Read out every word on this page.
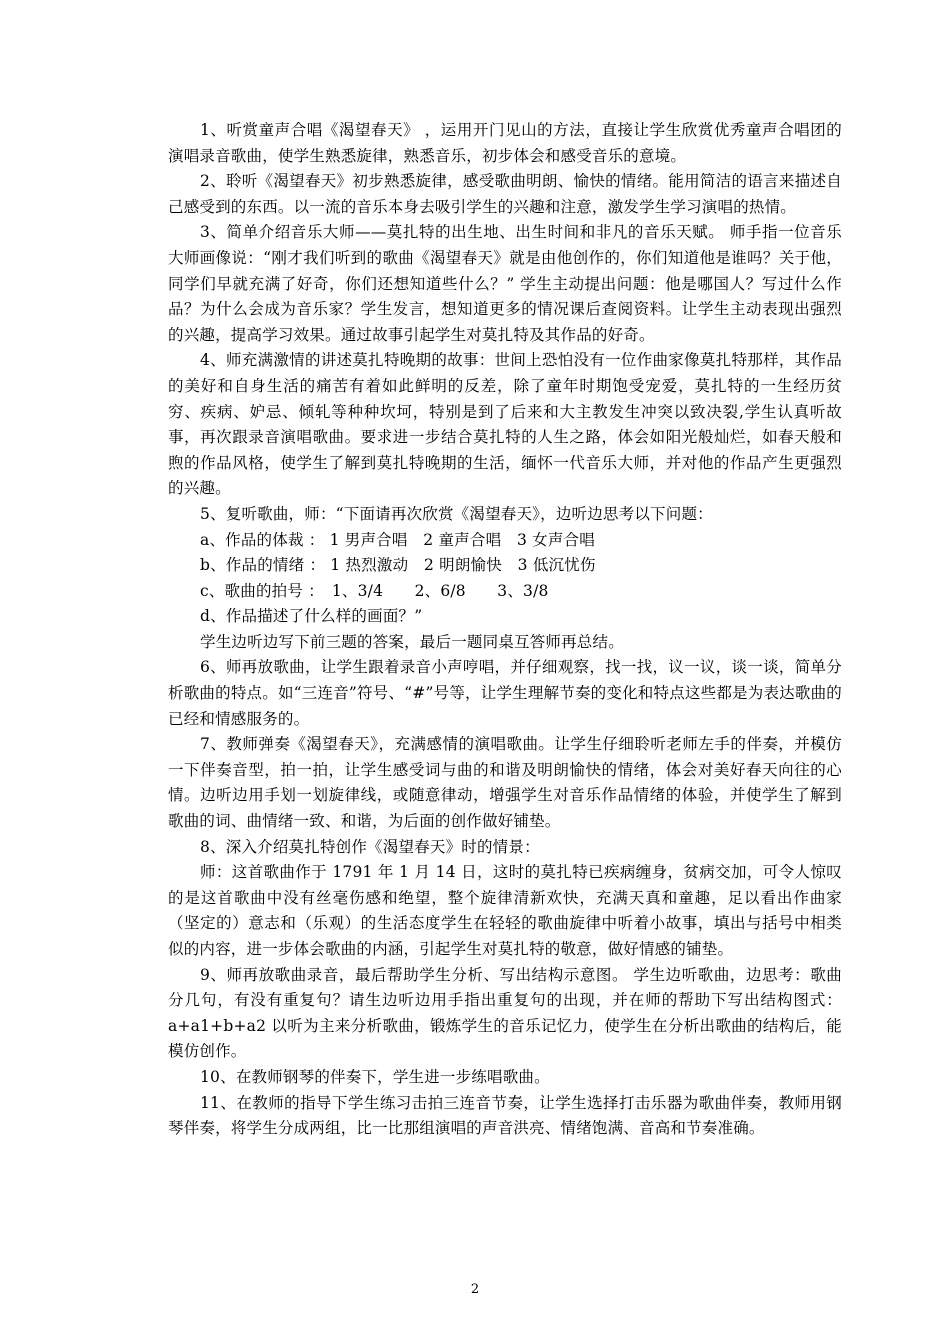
1、听赏童声合唱《渴望春天》 ，运用开门见山的方法，直接让学生欣赏优秀童声合唱团的演唱录音歌曲，使学生熟悉旋律，熟悉音乐，初步体会和感受音乐的意境。

2、聆听《渴望春天》初步熟悉旋律，感受歌曲明朗、愉快的情绪。能用简洁的语言来描述自己感受到的东西。以一流的音乐本身去吸引学生的兴趣和注意，激发学生学习演唱的热情。

3、简单介绍音乐大师——莫扎特的出生地、出生时间和非凡的音乐天赋。 师手指一位音乐大师画像说：“刚才我们听到的歌曲《渴望春天》就是由他创作的，你们知道他是谁吗？关于他，同学们早就充满了好奇，你们还想知道些什么？” 学生主动提出问题：他是哪国人？写过什么作品？为什么会成为音乐家？学生发言，想知道更多的情况课后查阅资料。让学生主动表现出强烈的兴趣，提高学习效果。通过故事引起学生对莫扎特及其作品的好奇。

4、师充满激情的讲述莫扎特晚期的故事：世间上恐怕没有一位作曲家像莫扎特那样，其作品的美好和自身生活的痛苦有着如此鲜明的反差，除了童年时期饱受宠爱，莫扎特的一生经历贫穷、疾病、妒忌、倾轧等种种坎坷，特别是到了后来和大主教发生冲突以致决裂,学生认真听故事，再次跟录音演唱歌曲。要求进一步结合莫扎特的人生之路，体会如阳光般灿烂，如春天般和煦的作品风格，使学生了解到莫扎特晚期的生活，缅怀一代音乐大师，并对他的作品产生更强烈的兴趣。

5、复听歌曲，师：“下面请再次欣赏《渴望春天》，边听边思考以下问题：

a、作品的体裁 ： 1 男声合唱　2 童声合唱　3 女声合唱

b、作品的情绪 ： 1 热烈激动　2 明朗愉快　3 低沉忧伤

c、歌曲的拍号 ：　1、3/4　　2、6/8　　3、3/8

d、作品描述了什么样的画面？”

学生边听边写下前三题的答案，最后一题同桌互答师再总结。

6、师再放歌曲，让学生跟着录音小声哼唱，并仔细观察，找一找，议一议，谈一谈，简单分析歌曲的特点。如“三连音”符号、“#”号等，让学生理解节奏的变化和特点这些都是为表达歌曲的已经和情感服务的。

7、教师弹奏《渴望春天》，充满感情的演唱歌曲。让学生仔细聆听老师左手的伴奏，并模仿一下伴奏音型，拍一拍，让学生感受词与曲的和谐及明朗愉快的情绪，体会对美好春天向往的心情。边听边用手划一划旋律线，或随意律动，增强学生对音乐作品情绪的体验，并使学生了解到歌曲的词、曲情绪一致、和谐，为后面的创作做好铺垫。

8、深入介绍莫扎特创作《渴望春天》时的情景：

师：这首歌曲作于 1791 年 1 月 14 日，这时的莫扎特已疾病缠身，贫病交加，可令人惊叹的是这首歌曲中没有丝毫伤感和绝望，整个旋律清新欢快，充满天真和童趣，足以看出作曲家（坚定的）意志和（乐观）的生活态度学生在轻轻的歌曲旋律中听着小故事，填出与括号中相类似的内容，进一步体会歌曲的内涵，引起学生对莫扎特的敬意，做好情感的铺垫。

9、师再放歌曲录音，最后帮助学生分析、写出结构示意图。 学生边听歌曲，边思考：歌曲分几句，有没有重复句？请生边听边用手指出重复句的出现，并在师的帮助下写出结构图式：a+a1+b+a2 以听为主来分析歌曲，锻炼学生的音乐记忆力，使学生在分析出歌曲的结构后，能模仿创作。

10、在教师钢琴的伴奏下，学生进一步练唱歌曲。

11、在教师的指导下学生练习击拍三连音节奏，让学生选择打击乐器为歌曲伴奏，教师用钢琴伴奏，将学生分成两组，比一比那组演唱的声音洪亮、情绪饱满、音高和节奏准确。

2
